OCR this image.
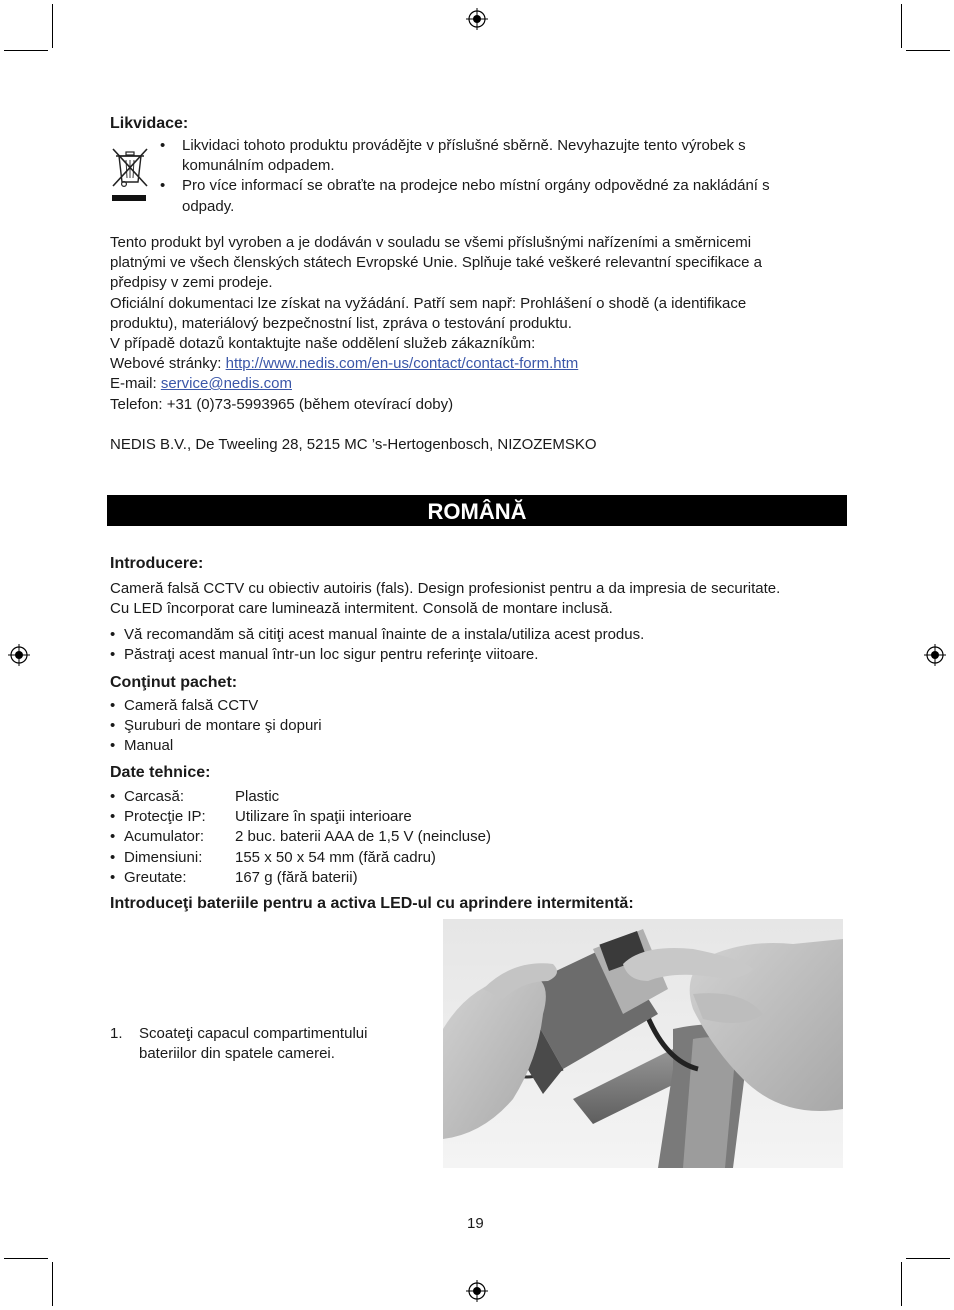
Likvidace:
• Likvidaci tohoto produktu provádějte v příslušné sběrně. Nevyhazujte tento výrobek s
komunálním odpadem.
• Pro více informací se obraťte na prodejce nebo místní orgány odpovědné za nakládání s
odpady.
Tento produkt byl vyroben a je dodáván v souladu se všemi příslušnými nařízeními a směrnicemi
platnými ve všech členských státech Evropské Unie. Splňuje také veškeré relevantní specifikace a
předpisy v zemi prodeje.
Oficiální dokumentaci lze získat na vyžádání. Patří sem např: Prohlášení o shodě (a identifikace
produktu), materiálový bezpečnostní list, zpráva o testování produktu.
V případě dotazů kontaktujte naše oddělení služeb zákazníkům:
Webové stránky: http://www.nedis.com/en-us/contact/contact-form.htm
E-mail: service@nedis.com
Telefon: +31 (0)73-5993965 (během otevírací doby)
NEDIS B.V., De Tweeling 28, 5215 MC ’s-Hertogenbosch, NIZOZEMSKO
ROMÂNĂ
Introducere:
Cameră falsă CCTV cu obiectiv autoiris (fals). Design profesionist pentru a da impresia de securitate.
Cu LED încorporat care luminează intermitent. Consolă de montare inclusă.
• Vă recomandăm să citiţi acest manual înainte de a instala/utiliza acest produs.
• Păstraţi acest manual într-un loc sigur pentru referinţe viitoare.
Conţinut pachet:
• Cameră falsă CCTV
• Şuruburi de montare şi dopuri
• Manual
Date tehnice:
• Carcasă:	Plastic
• Protecţie IP: Utilizare în spaţii interioare
• Acumulator: 2 buc. baterii AAA de 1,5 V (neincluse)
• Dimensiuni: 155 x 50 x 54 mm (fără cadru)
• Greutate:	167 g (fără baterii)
Introduceţi bateriile pentru a activa LED-ul cu aprindere intermitentă:
1. Scoateţi capacul compartimentului
bateriilor din spatele camerei.
19
